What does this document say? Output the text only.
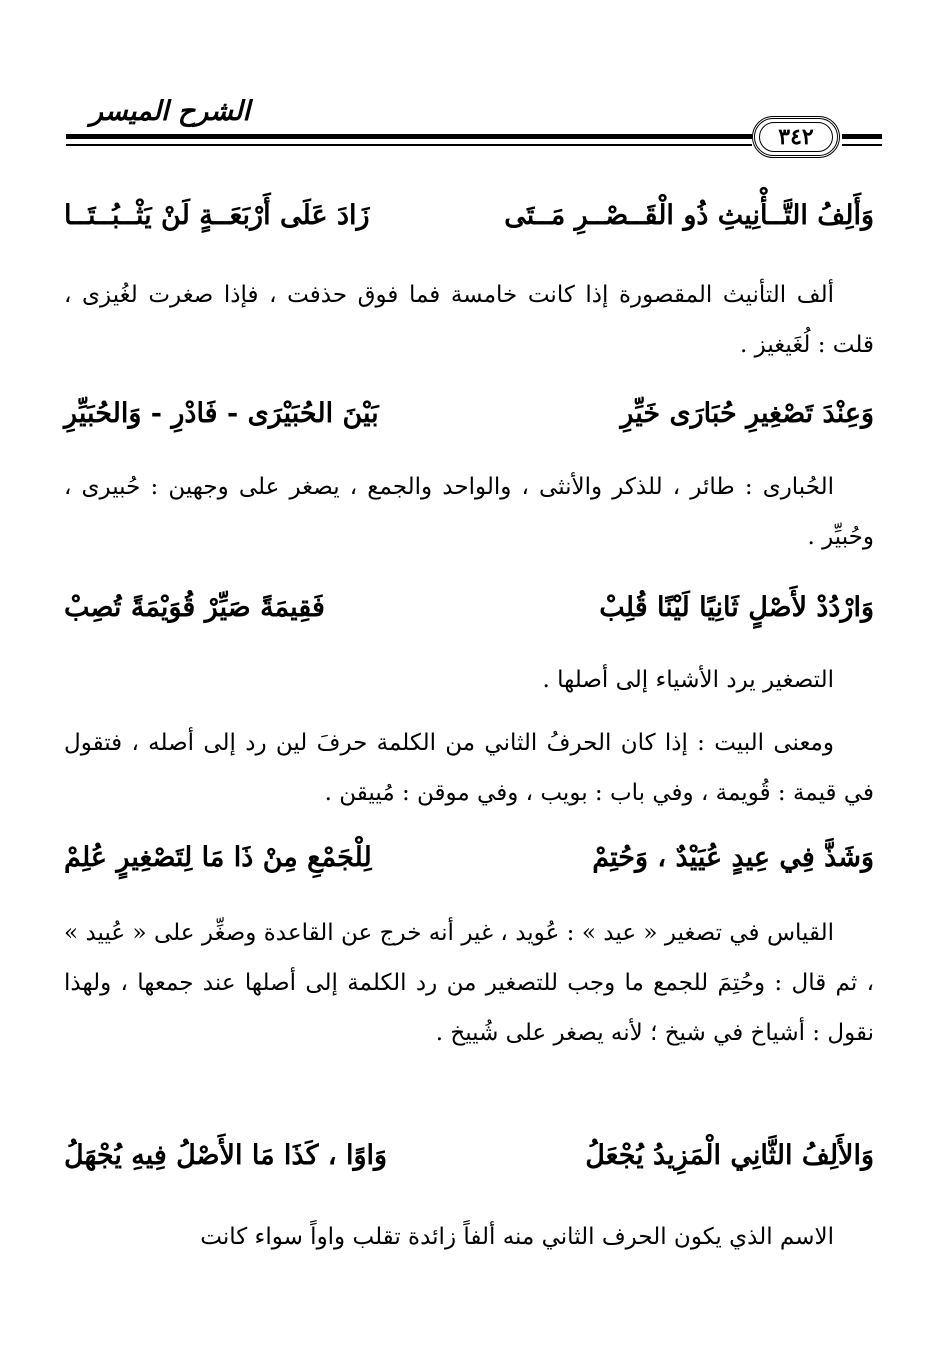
الشرح الميسر
٣٤٢
وَأَلِفُ التَّــأْنِيثِ ذُو الْقَــصْــرِ مَــتَى
زَادَ عَلَى أَرْبَعَــةٍ لَنْ يَثْــبُــتَــا
ألف التأنيث المقصورة إذا كانت خامسة فما فوق حذفت ، فإذا صغرت لغُيزى ، قلت : لُغَيغيز .
وَعِنْدَ تَصْغِيرِ حُبَارَى خَيِّرِ
بَيْنَ الحُبَيْرَى - فَادْرِ - وَالحُبَيِّرِ
الحُبارى : طائر ، للذكر والأنثى ، والواحد والجمع ، يصغر على وجهين : حُبيرى ، وحُبيِّر .
وَارْدُدْ لأَصْلٍ ثَانِيًا لَيْنًا قُلِبْ
فَقِيمَةً صَيِّرْ قُوَيْمَةً تُصِبْ
التصغير يرد الأشياء إلى أصلها .
ومعنى البيت : إذا كان الحرفُ الثاني من الكلمة حرفَ لين رد إلى أصله ، فتقول في قيمة : قُويمة ، وفي باب : بويب ، وفي موقن : مُييقن .
وَشَذَّ فِي عِيدٍ عُيَيْدٌ ، وَحُتِمْ
لِلْجَمْعِ مِنْ ذَا مَا لِتَصْغِيرٍ عُلِمْ
القياس في تصغير « عيد » : عُويد ، غير أنه خرج عن القاعدة وصغِّر على « عُييد » ، ثم قال : وحُتِمَ للجمع ما وجب للتصغير من رد الكلمة إلى أصلها عند جمعها ، ولهذا نقول : أشياخ في شيخ ؛ لأنه يصغر على شُييخ .
وَالأَلِفُ الثَّانِي الْمَزِيدُ يُجْعَلُ
وَاوًا ، كَذَا مَا الأَصْلُ فِيهِ يُجْهَلُ
الاسم الذي يكون الحرف الثاني منه ألفاً زائدة تقلب واواً سواء كانت
